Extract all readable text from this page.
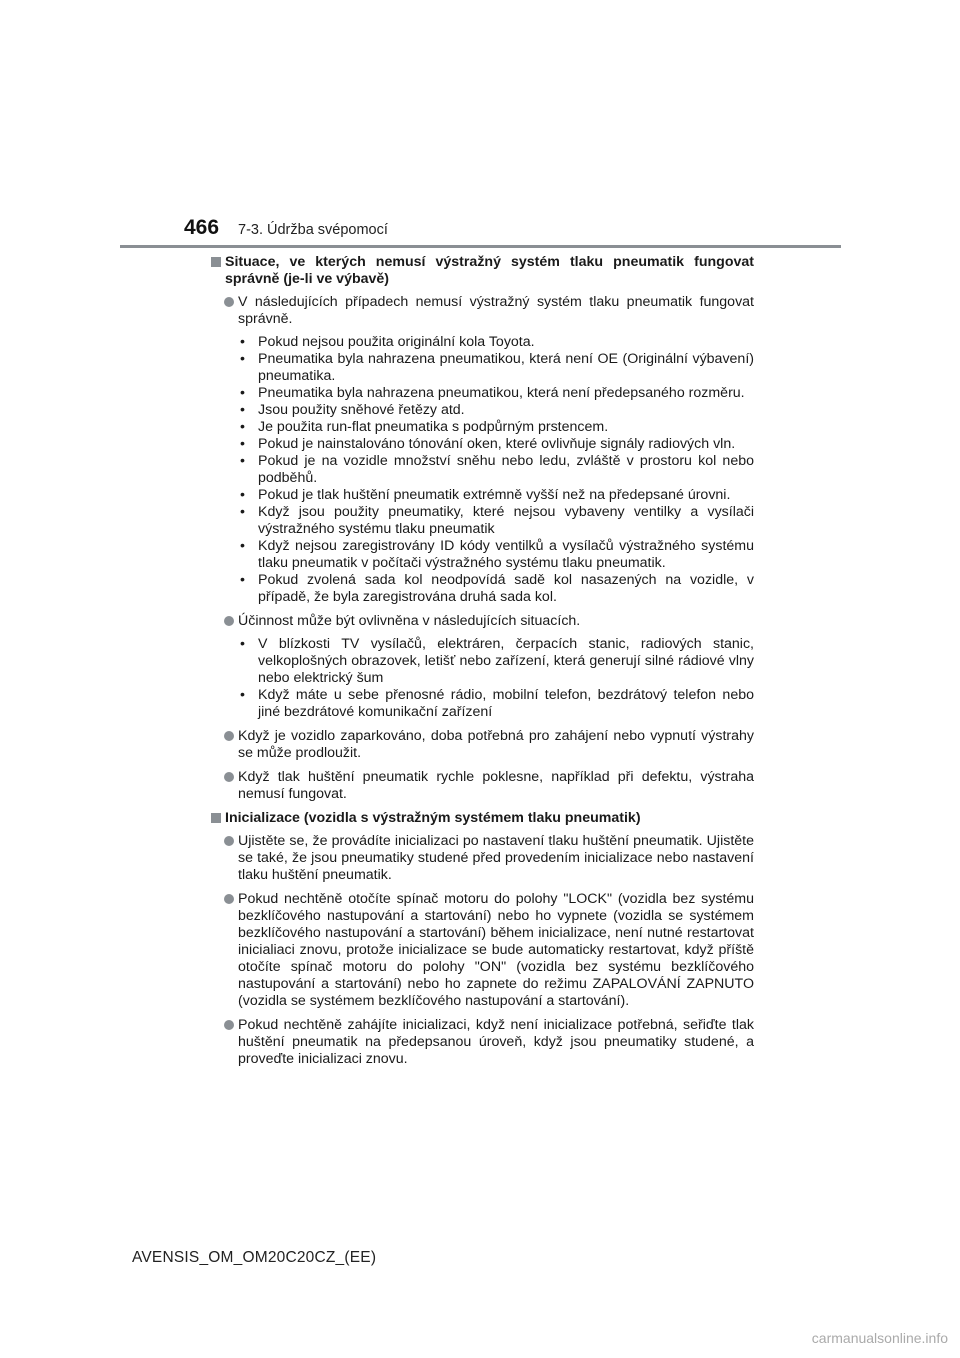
466 7-3. Údržba svépomocí
Situace, ve kterých nemusí výstražný systém tlaku pneumatik fungovat správně (je-li ve výbavě)
V následujících případech nemusí výstražný systém tlaku pneumatik fungovat správně.
• Pokud nejsou použita originální kola Toyota.
• Pneumatika byla nahrazena pneumatikou, která není OE (Originální výbavení) pneumatika.
• Pneumatika byla nahrazena pneumatikou, která není předepsaného rozměru.
• Jsou použity sněhové řetězy atd.
• Je použita run-flat pneumatika s podpůrným prstencem.
• Pokud je nainstalováno tónování oken, které ovlivňuje signály radiových vln.
• Pokud je na vozidle množství sněhu nebo ledu, zvláště v prostoru kol nebo podběhů.
• Pokud je tlak huštění pneumatik extrémně vyšší než na předepsané úrovni.
• Když jsou použity pneumatiky, které nejsou vybaveny ventilky a vysílači výstražného systému tlaku pneumatik
• Když nejsou zaregistrovány ID kódy ventilků a vysílačů výstražného systému tlaku pneumatik v počítači výstražného systému tlaku pneumatik.
• Pokud zvolená sada kol neodpovídá sadě kol nasazených na vozidle, v případě, že byla zaregistrována druhá sada kol.
Účinnost může být ovlivněna v následujících situacích.
• V blízkosti TV vysílačů, elektráren, čerpacích stanic, radiových stanic, velkoplošných obrazovek, letišť nebo zařízení, která generují silné rádiové vlny nebo elektrický šum
• Když máte u sebe přenosné rádio, mobilní telefon, bezdrátový telefon nebo jiné bezdrátové komunikační zařízení
Když je vozidlo zaparkováno, doba potřebná pro zahájení nebo vypnutí výstrahy se může prodloužit.
Když tlak huštění pneumatik rychle poklesne, například při defektu, výstraha nemusí fungovat.
Inicializace (vozidla s výstražným systémem tlaku pneumatik)
Ujistěte se, že provádíte inicializaci po nastavení tlaku huštění pneumatik. Ujistěte se také, že jsou pneumatiky studené před provedením inicializace nebo nastavení tlaku huštění pneumatik.
Pokud nechtěně otočíte spínač motoru do polohy "LOCK" (vozidla bez systému bezklíčového nastupování a startování) nebo ho vypnete (vozidla se systémem bezklíčového nastupování a startování) během inicializace, není nutné restartovat inicialiaci znovu, protože inicializace se bude automaticky restartovat, když příště otočíte spínač motoru do polohy "ON" (vozidla bez systému bezklíčového nastupování a startování) nebo ho zapnete do režimu ZAPALOVÁNÍ ZAPNUTO (vozidla se systémem bezklíčového nastupování a startování).
Pokud nechtěně zahájíte inicializaci, když není inicializace potřebná, seřiďte tlak huštění pneumatik na předepsanou úroveň, když jsou pneumatiky studené, a proveďte inicializaci znovu.
AVENSIS_OM_OM20C20CZ_(EE)
carmanualsonline.info
